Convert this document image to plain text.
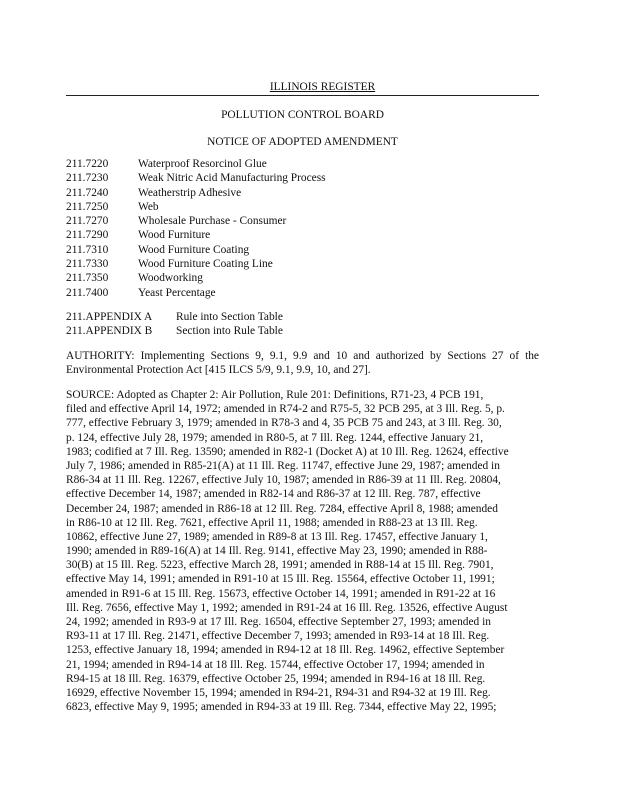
ILLINOIS REGISTER
POLLUTION CONTROL BOARD
NOTICE OF ADOPTED AMENDMENT
211.7220	Waterproof Resorcinol Glue
211.7230	Weak Nitric Acid Manufacturing Process
211.7240	Weatherstrip Adhesive
211.7250	Web
211.7270	Wholesale Purchase - Consumer
211.7290	Wood Furniture
211.7310	Wood Furniture Coating
211.7330	Wood Furniture Coating Line
211.7350	Woodworking
211.7400	Yeast Percentage
211.APPENDIX A Rule into Section Table
211.APPENDIX B Section into Rule Table
AUTHORITY: Implementing Sections 9, 9.1, 9.9 and 10 and authorized by Sections 27 of the Environmental Protection Act [415 ILCS 5/9, 9.1, 9.9, 10, and 27].
SOURCE: Adopted as Chapter 2: Air Pollution, Rule 201: Definitions, R71-23, 4 PCB 191,
filed and effective April 14, 1972; amended in R74-2 and R75-5, 32 PCB 295, at 3 Ill. Reg. 5, p.
777, effective February 3, 1979; amended in R78-3 and 4, 35 PCB 75 and 243, at 3 Ill. Reg. 30,
p. 124, effective July 28, 1979; amended in R80-5, at 7 Ill. Reg. 1244, effective January 21,
1983; codified at 7 Ill. Reg. 13590; amended in R82-1 (Docket A) at 10 Ill. Reg. 12624, effective
July 7, 1986; amended in R85-21(A) at 11 Ill. Reg. 11747, effective June 29, 1987; amended in
R86-34 at 11 Ill. Reg. 12267, effective July 10, 1987; amended in R86-39 at 11 Ill. Reg. 20804,
effective December 14, 1987; amended in R82-14 and R86-37 at 12 Ill. Reg. 787, effective
December 24, 1987; amended in R86-18 at 12 Ill. Reg. 7284, effective April 8, 1988; amended
in R86-10 at 12 Ill. Reg. 7621, effective April 11, 1988; amended in R88-23 at 13 Ill. Reg.
10862, effective June 27, 1989; amended in R89-8 at 13 Ill. Reg. 17457, effective January 1,
1990; amended in R89-16(A) at 14 Ill. Reg. 9141, effective May 23, 1990; amended in R88-
30(B) at 15 Ill. Reg. 5223, effective March 28, 1991; amended in R88-14 at 15 Ill. Reg. 7901,
effective May 14, 1991; amended in R91-10 at 15 Ill. Reg. 15564, effective October 11, 1991;
amended in R91-6 at 15 Ill. Reg. 15673, effective October 14, 1991; amended in R91-22 at 16
Ill. Reg. 7656, effective May 1, 1992; amended in R91-24 at 16 Ill. Reg. 13526, effective August
24, 1992; amended in R93-9 at 17 Ill. Reg. 16504, effective September 27, 1993; amended in
R93-11 at 17 Ill. Reg. 21471, effective December 7, 1993; amended in R93-14 at 18 Ill. Reg.
1253, effective January 18, 1994; amended in R94-12 at 18 Ill. Reg. 14962, effective September
21, 1994; amended in R94-14 at 18 Ill. Reg. 15744, effective October 17, 1994; amended in
R94-15 at 18 Ill. Reg. 16379, effective October 25, 1994; amended in R94-16 at 18 Ill. Reg.
16929, effective November 15, 1994; amended in R94-21, R94-31 and R94-32 at 19 Ill. Reg.
6823, effective May 9, 1995; amended in R94-33 at 19 Ill. Reg. 7344, effective May 22, 1995;
